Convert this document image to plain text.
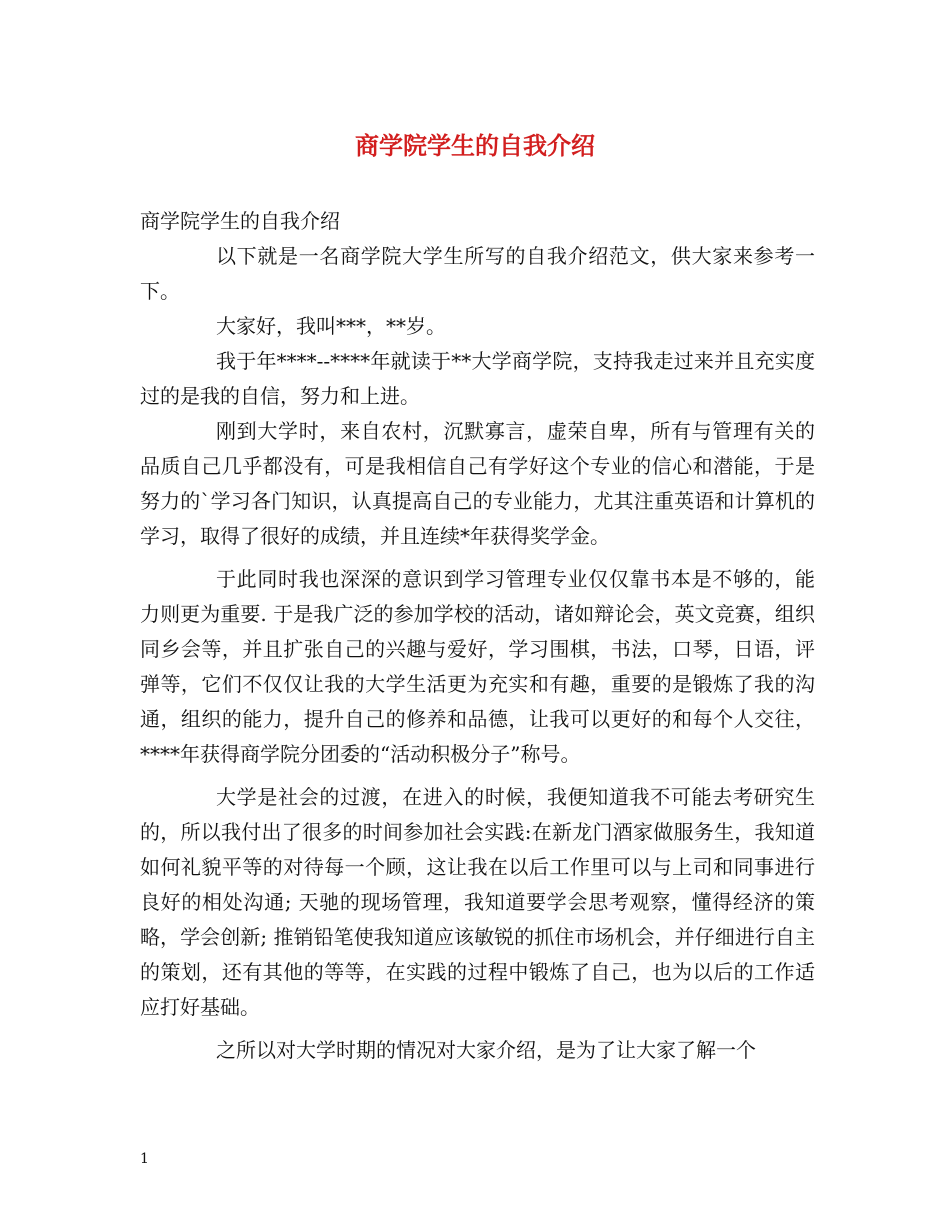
商学院学生的自我介绍

商学院学生的自我介绍

以下就是一名商学院大学生所写的自我介绍范文，供大家来参考一下。

大家好，我叫***，**岁。

我于年****--****年就读于**大学商学院，支持我走过来并且充实度过的是我的自信，努力和上进。

刚到大学时，来自农村，沉默寡言，虚荣自卑，所有与管理有关的品质自己几乎都没有，可是我相信自己有学好这个专业的信心和潜能，于是努力的`学习各门知识，认真提高自己的专业能力，尤其注重英语和计算机的学习，取得了很好的成绩，并且连续*年获得奖学金。

于此同时我也深深的意识到学习管理专业仅仅靠书本是不够的，能力则更为重要. 于是我广泛的参加学校的活动，诸如辩论会，英文竞赛，组织同乡会等，并且扩张自己的兴趣与爱好，学习围棋，书法，口琴，日语，评弹等，它们不仅仅让我的大学生活更为充实和有趣，重要的是锻炼了我的沟通，组织的能力，提升自己的修养和品德，让我可以更好的和每个人交往，****年获得商学院分团委的“活动积极分子”称号。

大学是社会的过渡，在进入的时候，我便知道我不可能去考研究生的，所以我付出了很多的时间参加社会实践:在新龙门酒家做服务生，我知道如何礼貌平等的对待每一个顾，这让我在以后工作里可以与上司和同事进行良好的相处沟通; 天驰的现场管理，我知道要学会思考观察，懂得经济的策略，学会创新; 推销铅笔使我知道应该敏锐的抓住市场机会，并仔细进行自主的策划，还有其他的等等，在实践的过程中锻炼了自己，也为以后的工作适应打好基础。

之所以对大学时期的情况对大家介绍，是为了让大家了解一个

1
